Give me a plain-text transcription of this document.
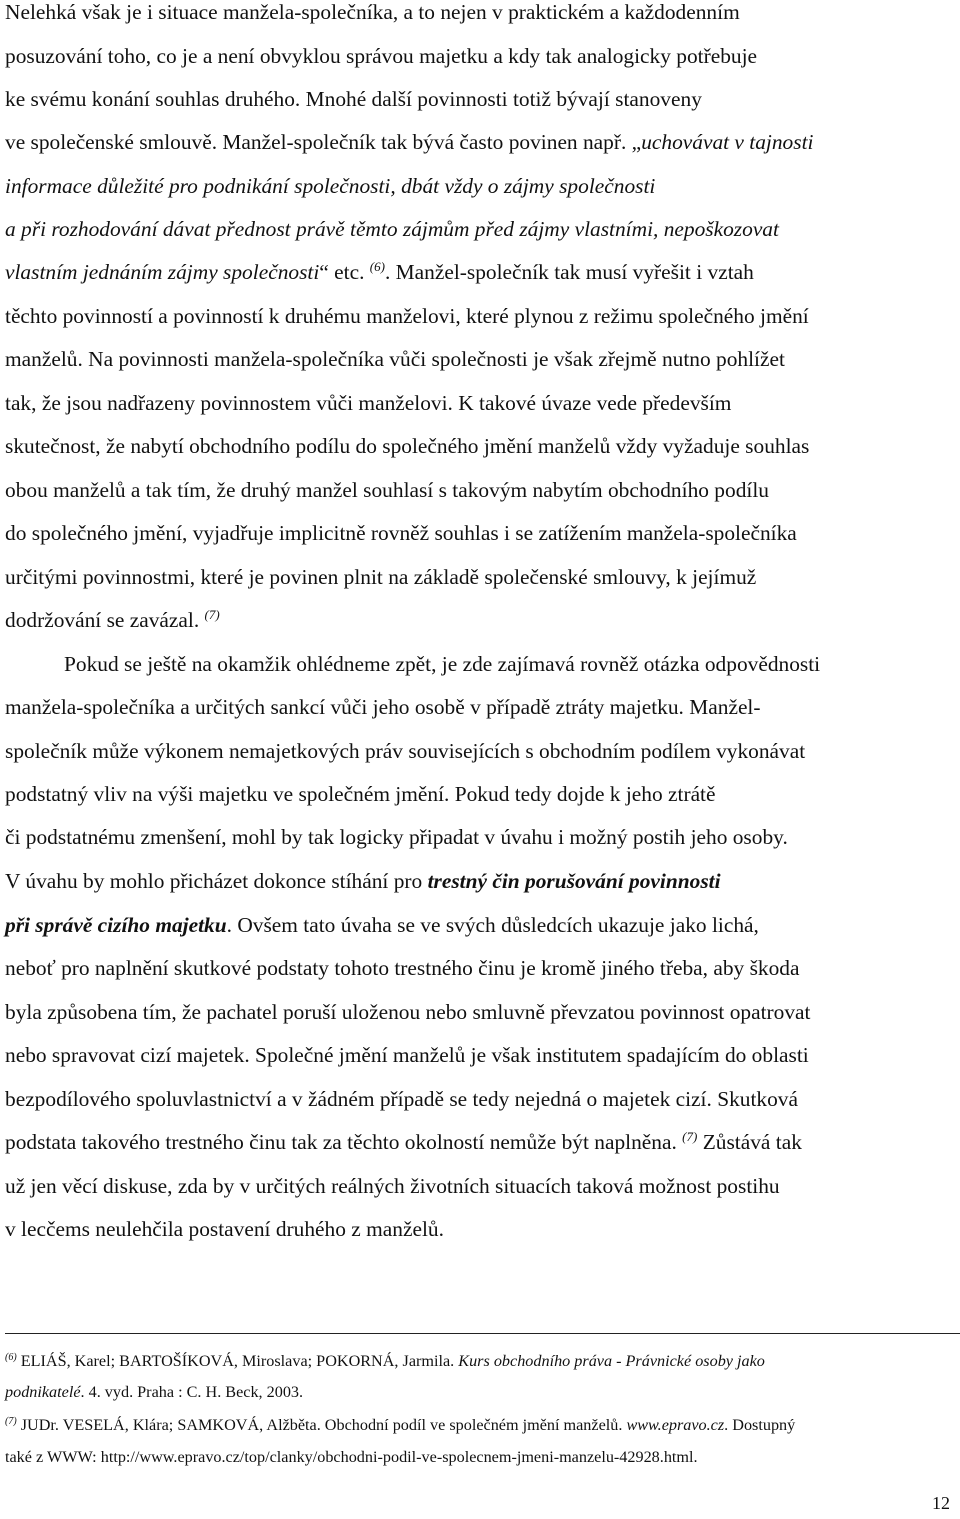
Nelehká však je i situace manžela-společníka, a to nejen v praktickém a každodenním
posuzování toho, co je a není obvyklou správou majetku a kdy tak analogicky potřebuje
ke svému konání souhlas druhého. Mnohé další povinnosti totiž bývají stanoveny
ve společenské smlouvě. Manžel-společník tak bývá často povinen např. „uchovávat v tajnosti
informace důležité pro podnikání společnosti, dbát vždy o zájmy společnosti
a při rozhodování dávat přednost právě těmto zájmům před zájmy vlastními, nepoškozovat
vlastním jednáním zájmy společnosti“ etc. $^{(6)}$. Manžel-společník tak musí vyřešit i vztah
těchto povinností a povinností k druhému manželovi, které plynou z režimu společného jmění
manželů. Na povinnosti manžela-společníka vůči společnosti je však zřejmě nutno pohlížet
tak, že jsou nadřazeny povinnostem vůči manželovi. K takové úvaze vede především
skutečnost, že nabytí obchodního podílu do společného jmění manželů vždy vyžaduje souhlas
obou manželů a tak tím, že druhý manžel souhlasí s takovým nabytím obchodního podílu
do společného jmění, vyjadřuje implicitně rovněž souhlas i se zatížením manžela-společníka
určitými povinnostmi, které je povinen plnit na základě společenské smlouvy, k jejímuž
dodržování se zavázal. $^{(7)}$
Pokud se ještě na okamžik ohlédneme zpět, je zde zajímavá rovněž otázka odpovědnosti
manžela-společníka a určitých sankcí vůči jeho osobě v případě ztráty majetku. Manžel-
společník může výkonem nemajetkových práv souvisejících s obchodním podílem vykonávat
podstatný vliv na výši majetku ve společném jmění. Pokud tedy dojde k jeho ztrátě
či podstatnému zmenšení, mohl by tak logicky připadat v úvahu i možný postih jeho osoby.
V úvahu by mohlo přicházet dokonce stíhání pro trestný čin porušování povinnosti
při správě cizího majetku. Ovšem tato úvaha se ve svých důsledcích ukazuje jako lichá,
neboť pro naplnění skutkové podstaty tohoto trestného činu je kromě jiného třeba, aby škoda
byla způsobena tím, že pachatel poruší uloženou nebo smluvně převzatou povinnost opatrovat
nebo spravovat cizí majetek. Společné jmění manželů je však institutem spadajícím do oblasti
bezpodílového spoluvlastnictví a v žádném případě se tedy nejedná o majetek cizí. Skutková
podstata takového trestného činu tak za těchto okolností nemůže být naplněna. $^{(7)}$ Zůstává tak
už jen věcí diskuse, zda by v určitých reálných životních situacích taková možnost postihu
v lecčems neulehčila postavení druhého z manželů.
$^{(6)}$ ELIÁŠ, Karel; BARTOŠÍKOVÁ, Miroslava; POKORNÁ, Jarmila. Kurs obchodního práva - Právnické osoby jako
podnikatelé. 4. vyd. Praha : C. H. Beck, 2003.
$^{(7)}$ JUDr. VESELÁ, Klára; SAMKOVÁ, Alžběta. Obchodní podíl ve společném jmění manželů. www.epravo.cz. Dostupný
také z WWW: http://www.epravo.cz/top/clanky/obchodni-podil-ve-spolecnem-jmeni-manzelu-42928.html.
12
